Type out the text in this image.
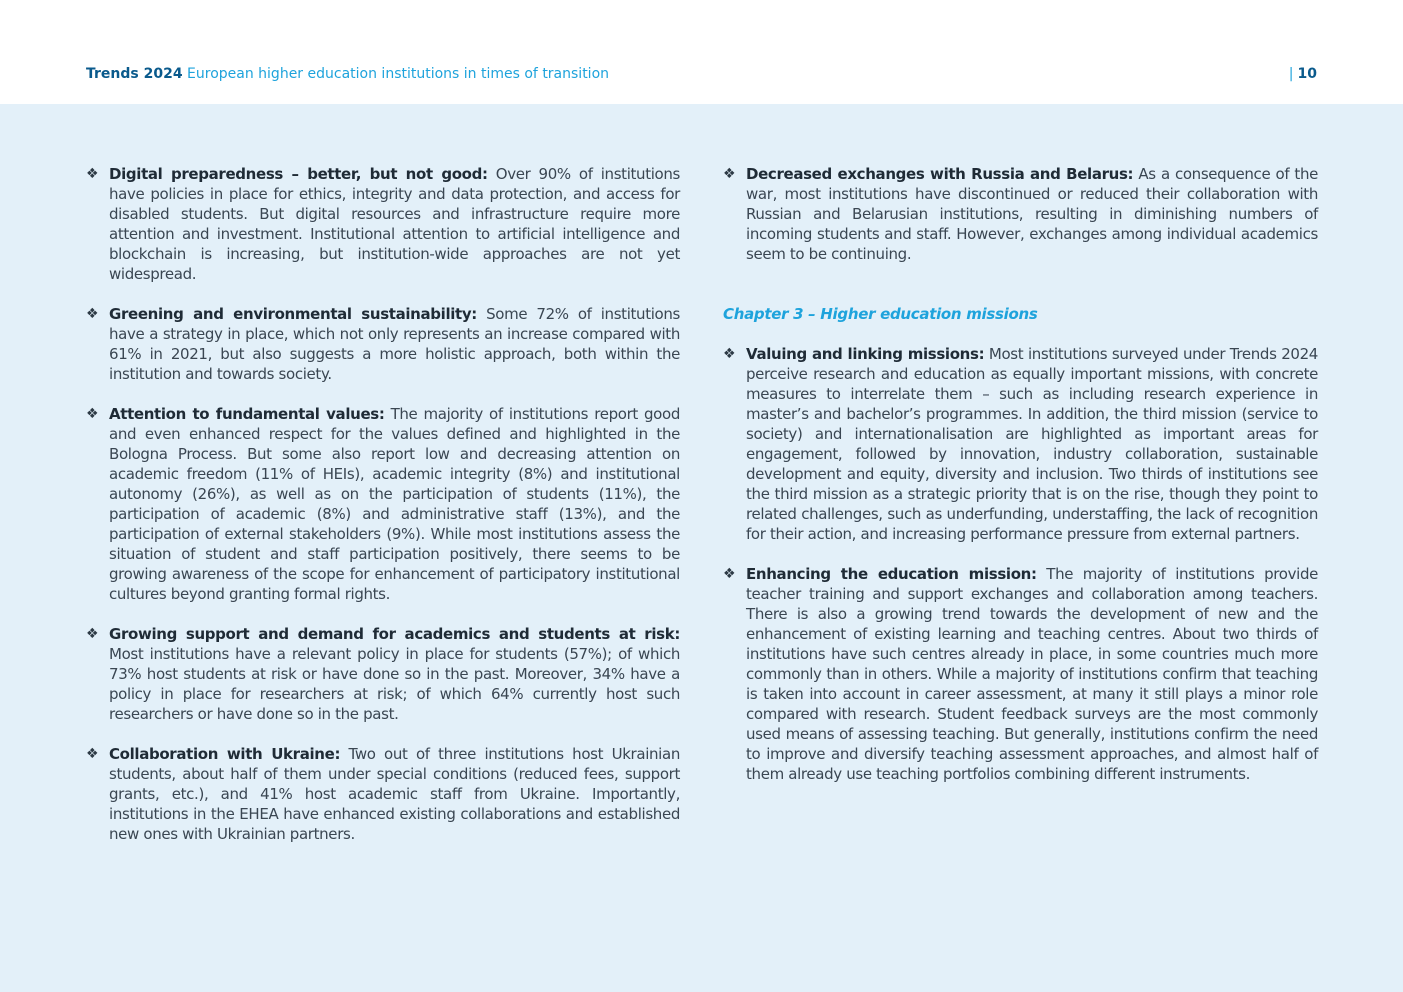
Trends 2024 European higher education institutions in times of transition	| 10
❖ Digital preparedness – better, but not good: Over 90% of institutions have policies in place for ethics, integrity and data protection, and access for disabled students. But digital resources and infrastructure require more attention and investment. Institutional attention to artificial intelligence and blockchain is increasing, but institution-wide approaches are not yet widespread.
❖ Greening and environmental sustainability: Some 72% of institutions have a strategy in place, which not only represents an increase compared with 61% in 2021, but also suggests a more holistic approach, both within the institution and towards society.
❖ Attention to fundamental values: The majority of institutions report good and even enhanced respect for the values defined and highlighted in the Bologna Process. But some also report low and decreasing attention on academic freedom (11% of HEIs), academic integrity (8%) and institutional autonomy (26%), as well as on the participation of students (11%), the participation of academic (8%) and administrative staff (13%), and the participation of external stakeholders (9%). While most institutions assess the situation of student and staff participation positively, there seems to be growing awareness of the scope for enhancement of participatory institutional cultures beyond granting formal rights.
❖ Growing support and demand for academics and students at risk: Most institutions have a relevant policy in place for students (57%); of which 73% host students at risk or have done so in the past. Moreover, 34% have a policy in place for researchers at risk; of which 64% currently host such researchers or have done so in the past.
❖ Collaboration with Ukraine: Two out of three institutions host Ukrainian students, about half of them under special conditions (reduced fees, support grants, etc.), and 41% host academic staff from Ukraine. Importantly, institutions in the EHEA have enhanced existing collaborations and established new ones with Ukrainian partners.
❖ Decreased exchanges with Russia and Belarus: As a consequence of the war, most institutions have discontinued or reduced their collaboration with Russian and Belarusian institutions, resulting in diminishing numbers of incoming students and staff. However, exchanges among individual academics seem to be continuing.
Chapter 3 – Higher education missions
❖ Valuing and linking missions: Most institutions surveyed under Trends 2024 perceive research and education as equally important missions, with concrete measures to interrelate them – such as including research experience in master’s and bachelor’s programmes. In addition, the third mission (service to society) and internationalisation are highlighted as important areas for engagement, followed by innovation, industry collaboration, sustainable development and equity, diversity and inclusion. Two thirds of institutions see the third mission as a strategic priority that is on the rise, though they point to related challenges, such as underfunding, understaffing, the lack of recognition for their action, and increasing performance pressure from external partners.
❖ Enhancing the education mission: The majority of institutions provide teacher training and support exchanges and collaboration among teachers. There is also a growing trend towards the development of new and the enhancement of existing learning and teaching centres. About two thirds of institutions have such centres already in place, in some countries much more commonly than in others. While a majority of institutions confirm that teaching is taken into account in career assessment, at many it still plays a minor role compared with research. Student feedback surveys are the most commonly used means of assessing teaching. But generally, institutions confirm the need to improve and diversify teaching assessment approaches, and almost half of them already use teaching portfolios combining different instruments.
